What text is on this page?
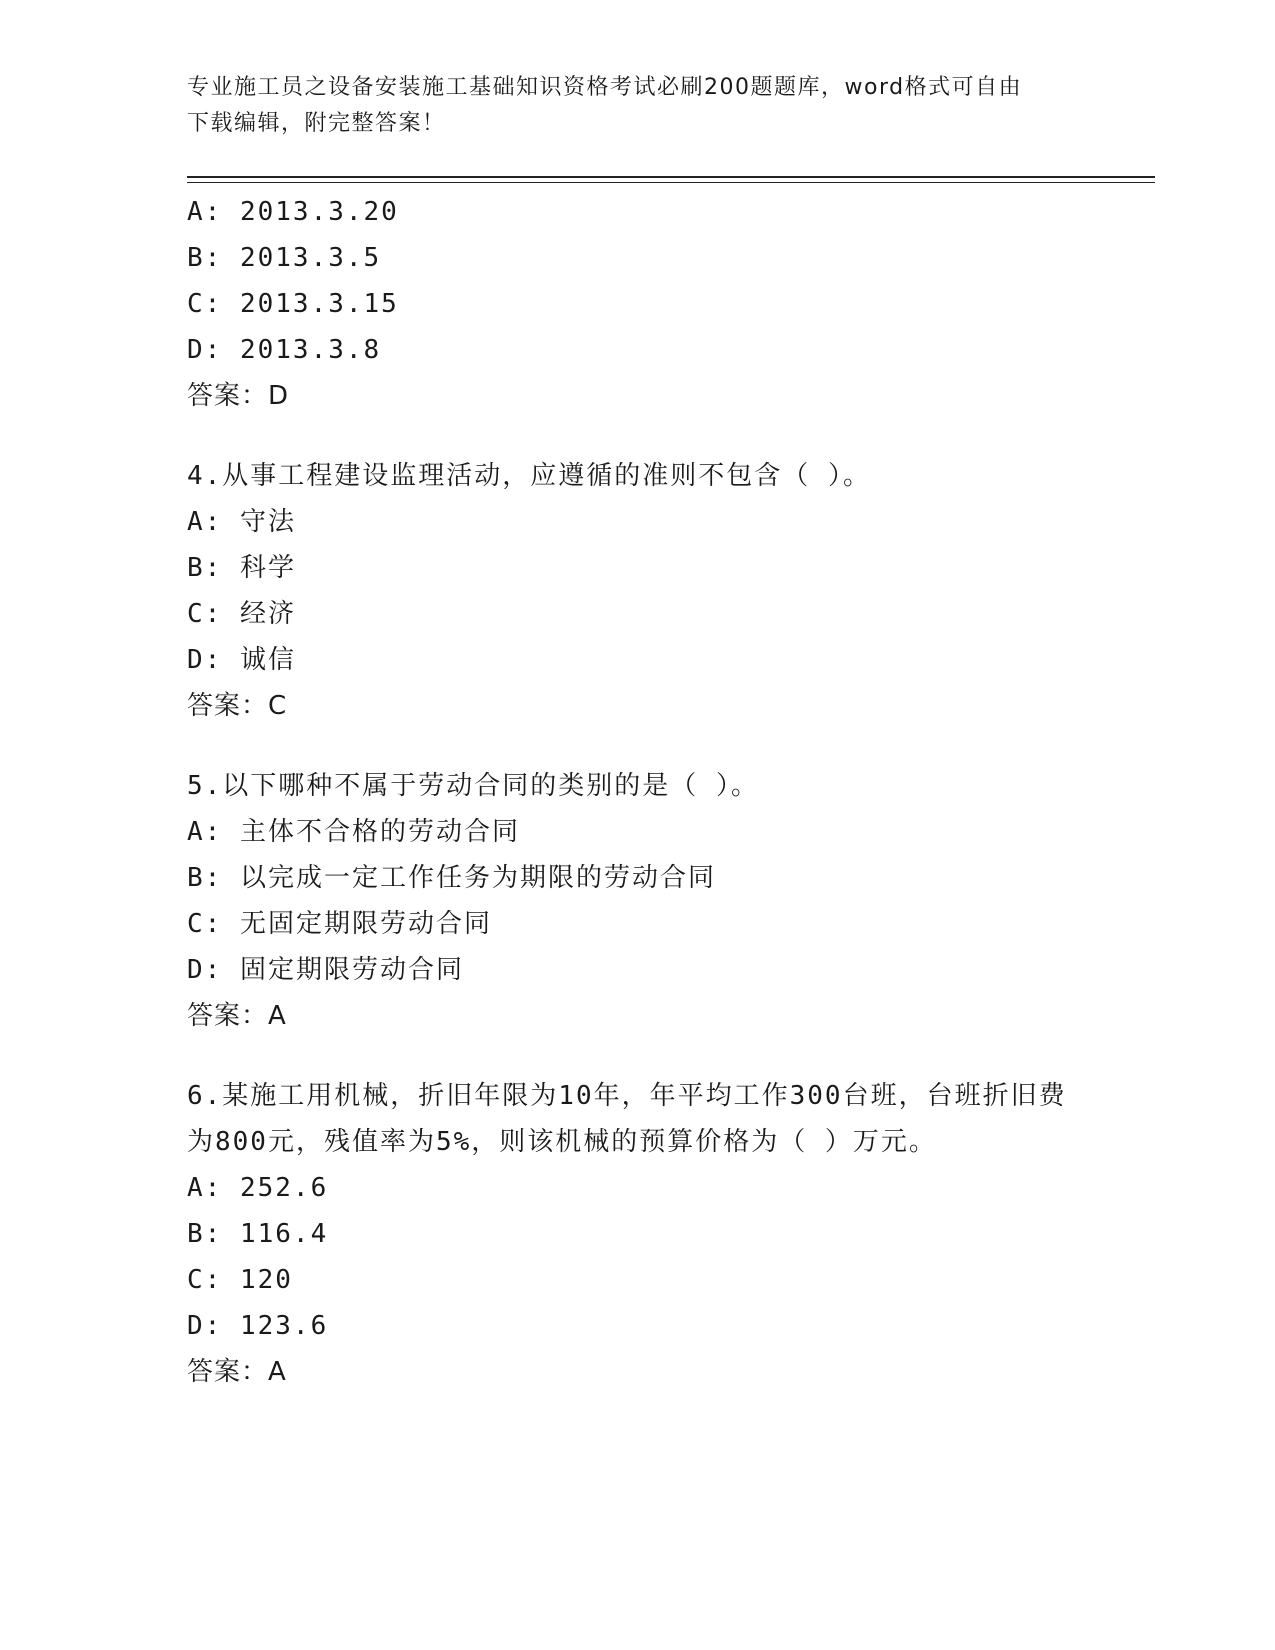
专业施工员之设备安装施工基础知识资格考试必刷200题题库，word格式可自由
下载编辑，附完整答案！
A: 2013.3.20
B: 2013.3.5
C: 2013.3.15
D: 2013.3.8
答案：D
4.从事工程建设监理活动，应遵循的准则不包含（ ）。
A: 守法
B: 科学
C: 经济
D: 诚信
答案：C
5.以下哪种不属于劳动合同的类别的是（ ）。
A: 主体不合格的劳动合同
B: 以完成一定工作任务为期限的劳动合同
C: 无固定期限劳动合同
D: 固定期限劳动合同
答案：A
6.某施工用机械，折旧年限为10年，年平均工作300台班，台班折旧费为800元，残值率为5%，则该机械的预算价格为（ ）万元。
A: 252.6
B: 116.4
C: 120
D: 123.6
答案：A
